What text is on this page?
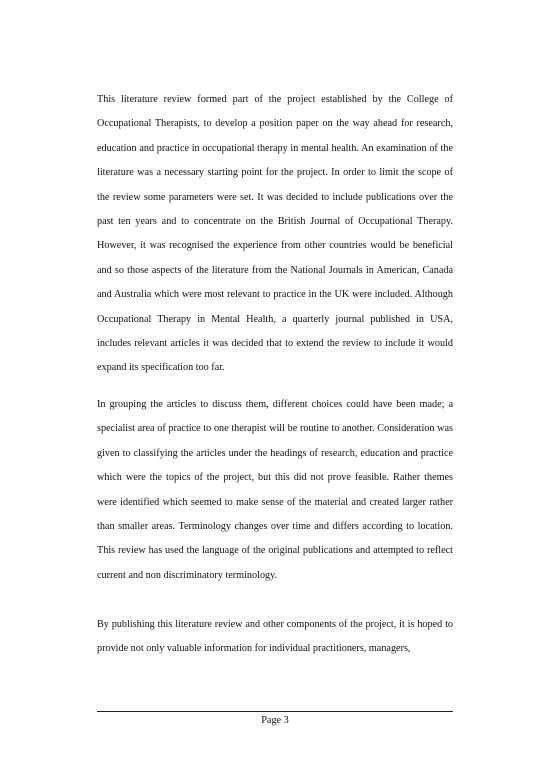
This literature review formed part of the project established by the College of Occupational Therapists, to develop a position paper on the way ahead for research, education and practice in occupational therapy in mental health. An examination of the literature was a necessary starting point for the project. In order to limit the scope of the review some parameters were set. It was decided to include publications over the past ten years and to concentrate on the British Journal of Occupational Therapy. However, it was recognised the experience from other countries would be beneficial and so those aspects of the literature from the National Journals in American, Canada and Australia which were most relevant to practice in the UK were included. Although Occupational Therapy in Mental Health, a quarterly journal published in USA, includes relevant articles it was decided that to extend the review to include it would expand its specification too far.

In grouping the articles to discuss them, different choices could have been made; a specialist area of practice to one therapist will be routine to another. Consideration was given to classifying the articles under the headings of research, education and practice which were the topics of the project, but this did not prove feasible. Rather themes were identified which seemed to make sense of the material and created larger rather than smaller areas. Terminology changes over time and differs according to location. This review has used the language of the original publications and attempted to reflect current and non discriminatory terminology.

By publishing this literature review and other components of the project, it is hoped to provide not only valuable information for individual practitioners, managers,

Page 3
